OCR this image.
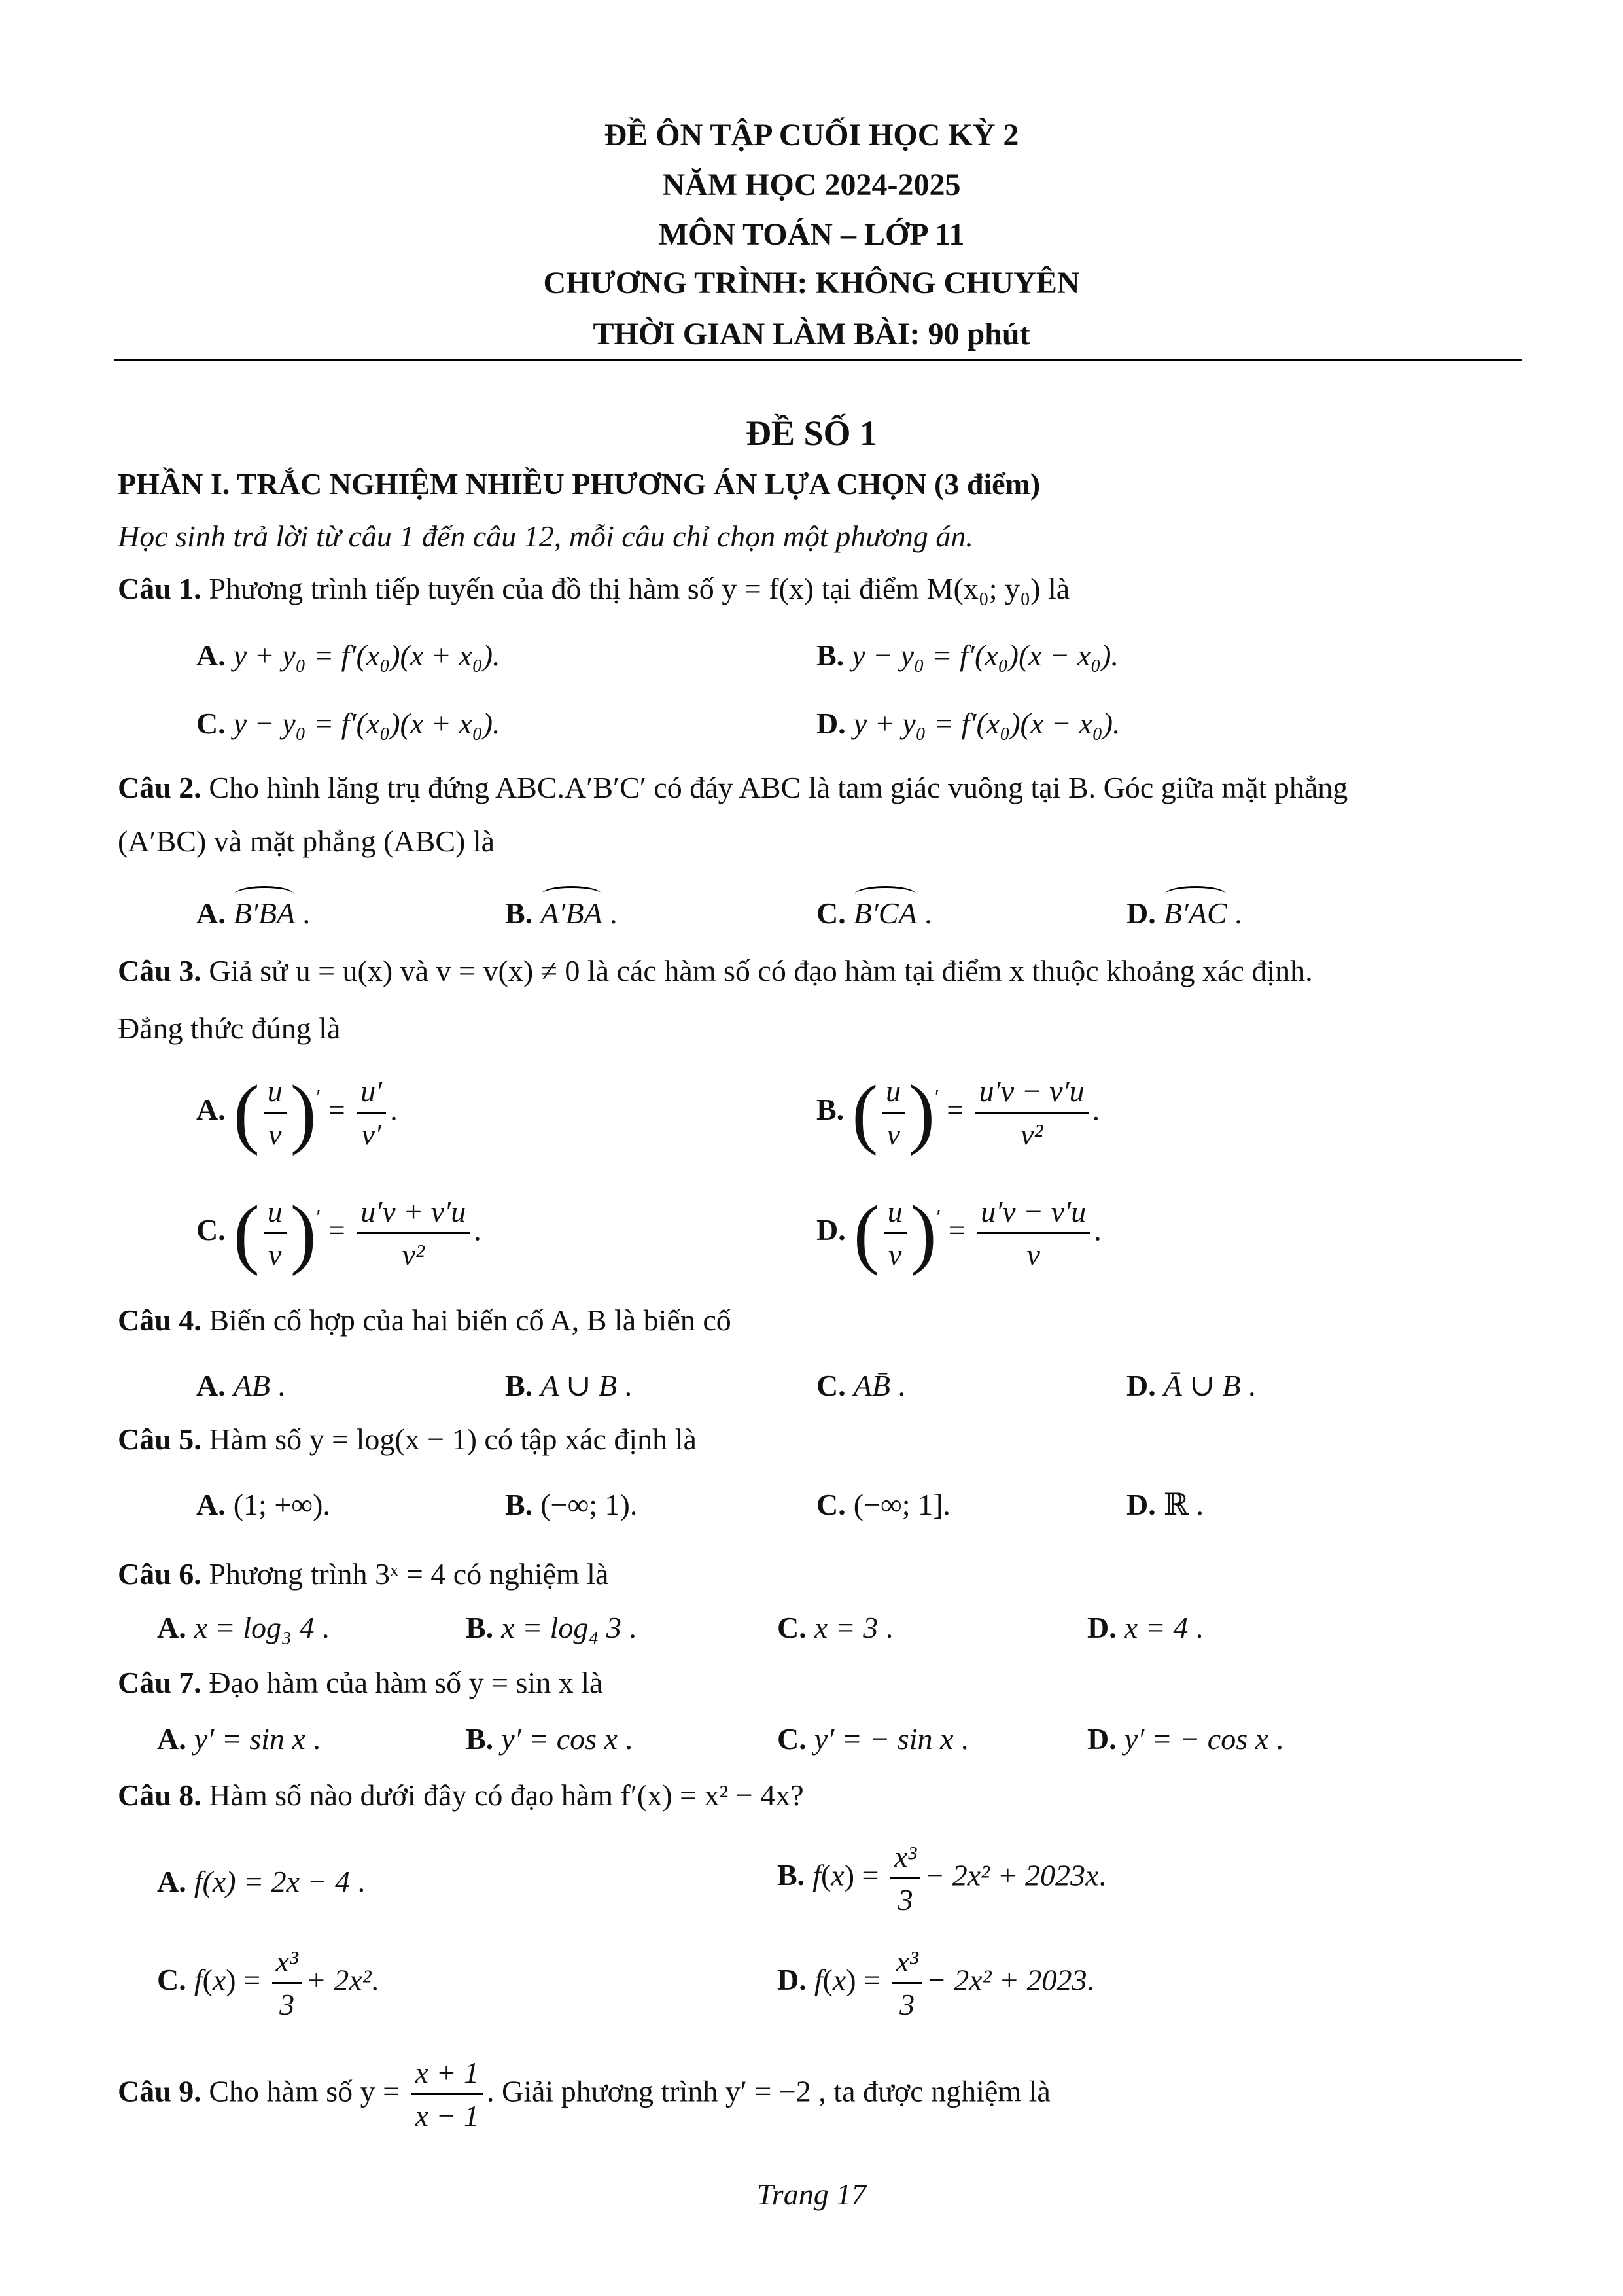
ĐỀ ÔN TẬP CUỐI HỌC KỲ 2
NĂM HỌC 2024-2025
MÔN TOÁN – LỚP 11
CHƯƠNG TRÌNH: KHÔNG CHUYÊN
THỜI GIAN LÀM BÀI: 90 phút
ĐỀ SỐ 1
PHẦN I. TRẮC NGHIỆM NHIỀU PHƯƠNG ÁN LỰA CHỌN (3 điểm)
Học sinh trả lời từ câu 1 đến câu 12, mỗi câu chỉ chọn một phương án.
Câu 1. Phương trình tiếp tuyến của đồ thị hàm số y = f(x) tại điểm M(x₀; y₀) là
A. y + y₀ = f′(x₀)(x + x₀).	B. y − y₀ = f′(x₀)(x − x₀).
C. y − y₀ = f′(x₀)(x + x₀).	D. y + y₀ = f′(x₀)(x − x₀).
Câu 2. Cho hình lăng trụ đứng ABC.A′B′C′ có đáy ABC là tam giác vuông tại B. Góc giữa mặt phẳng
(A′BC) và mặt phẳng (ABC) là
A. B′BA .	B. A′BA .	C. B′CA .	D. B′AC .
Câu 3. Giả sử u = u(x) và v = v(x) ≠ 0 là các hàm số có đạo hàm tại điểm x thuộc khoảng xác định.
Đẳng thức đúng là
A. ( $\frac{u}{v} )' = \frac{u'}{v'}$ .	B. ( $\frac{u}{v} )' = \frac{u'v - v'u}{\text{v²}}$ .
C. ( $\frac{u}{v} )' = \frac{u'v + v'u}{\text{v²}}$ .	D. ( $\frac{u}{v} )' = \frac{u'v - v'u}{v}$ .
Câu 4. Biến cố hợp của hai biến cố A, B là biến cố
A. AB .	B. A ∪ B .	C. AB̄ .	D. Ā ∪ B .
Câu 5. Hàm số y = log(x − 1) có tập xác định là
A. (1; +∞).	B. (−∞; 1).	C. (−∞; 1].	D. ℝ .
Câu 6. Phương trình 3ˣ = 4 có nghiệm là
A. x = log₃ 4 .	B. x = log₄ 3 .	C. x = 3 .	D. x = 4 .
Câu 7. Đạo hàm của hàm số y = sin x là
A. y′ = sin x .	B. y′ = cos x .	C. y′ = − sin x .	D. y′ = − cos x .
Câu 8. Hàm số nào dưới đây có đạo hàm f′(x) = x² − 4x?
A. f(x) = 2x − 4 .	B. $f(x) = \frac{\text{x³}}{3} - 2x^2 + 2023x$.
C. $f(x) = \frac{\text{x³}}{3} + 2x^2$.	D. $f(x) = \frac{\text{x³}}{3} - 2x^2 + 2023$.
Câu 9. Cho hàm số $y = \frac{x + 1}{x - 1}$ . Giải phương trình y′ = −2 , ta được nghiệm là
Trang 17
